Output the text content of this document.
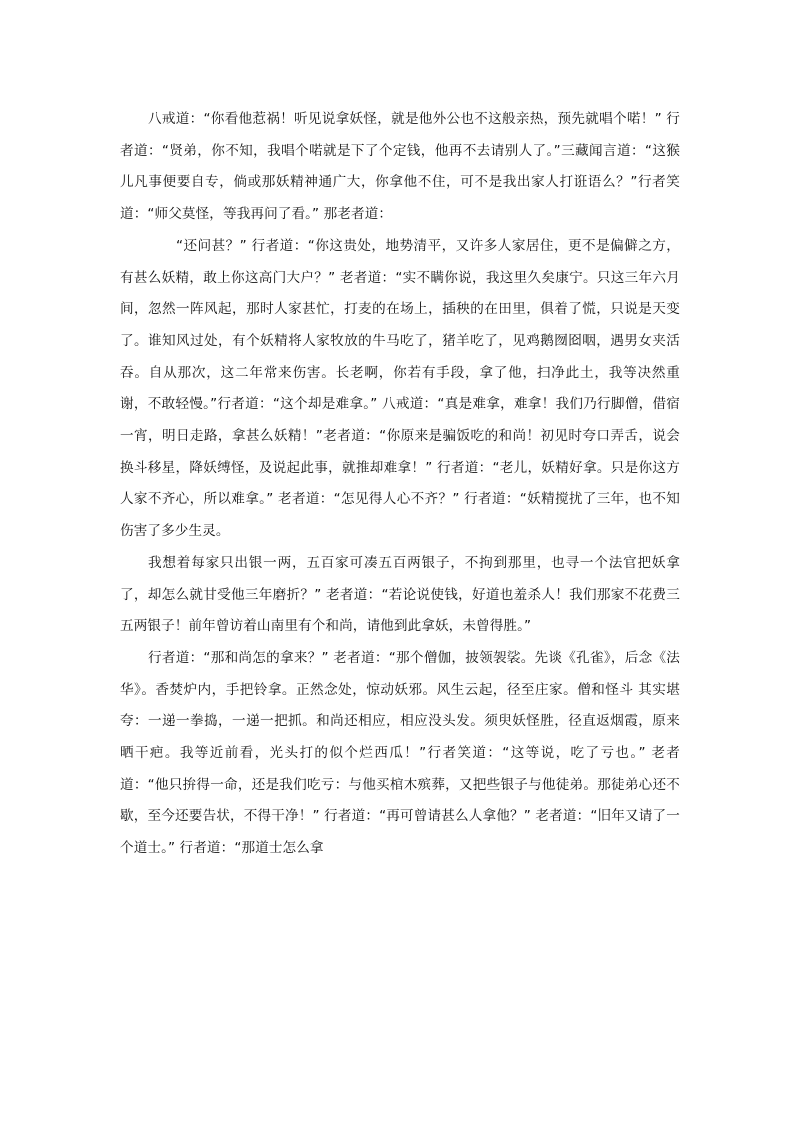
八戒道：“你看他惹祸！听见说拿妖怪，就是他外公也不这般亲热，预先就唱个喏！” 行者道：“贤弟，你不知，我唱个喏就是下了个定钱，他再不去请别人了。”三藏闻言道：“这猴儿凡事便要自专，倘或那妖精神通广大，你拿他不住，可不是我出家人打诳语么？”行者笑道：“师父莫怪，等我再问了看。” 那老者道：

“还问甚？” 行者道：“你这贵处，地势清平，又许多人家居住，更不是偏僻之方，有甚么妖精，敢上你这高门大户？” 老者道：“实不瞒你说，我这里久矣康宁。只这三年六月间，忽然一阵风起，那时人家甚忙，打麦的在场上，插秧的在田里，俱着了慌，只说是天变了。谁知风过处，有个妖精将人家牧放的牛马吃了，猪羊吃了，见鸡鹅囫囵咽，遇男女夹活吞。自从那次，这二年常来伤害。长老啊，你若有手段，拿了他，扫净此土，我等决然重谢，不敢轻慢。”行者道：“这个却是难拿。” 八戒道：“真是难拿，难拿！我们乃行脚僧，借宿一宵，明日走路，拿甚么妖精！”老者道：“你原来是骗饭吃的和尚！初见时夸口弄舌，说会换斗移星，降妖缚怪，及说起此事，就推却难拿！” 行者道：“老儿，妖精好拿。只是你这方人家不齐心，所以难拿。” 老者道：“怎见得人心不齐？” 行者道：“妖精搅扰了三年，也不知伤害了多少生灵。

我想着每家只出银一两，五百家可凑五百两银子，不拘到那里，也寻一个法官把妖拿了，却怎么就甘受他三年磨折？” 老者道：“若论说使钱，好道也羞杀人！我们那家不花费三五两银子！前年曾访着山南里有个和尚，请他到此拿妖，未曾得胜。”

行者道：“那和尚怎的拿来？” 老者道：“那个僧伽，披领袈裟。先谈《孔雀》，后念《法华》。香焚炉内，手把铃拿。正然念处，惊动妖邪。风生云起，径至庄家。僧和怪斗 其实堪夸：一递一拳捣，一递一把抓。和尚还相应，相应没头发。须臾妖怪胜，径直返烟霞，原来晒干疤。我等近前看，光头打的似个烂西瓜！”行者笑道：“这等说，吃了亏也。” 老者道：“他只拚得一命，还是我们吃亏：与他买棺木殡葬，又把些银子与他徒弟。那徒弟心还不歇，至今还要告状，不得干净！” 行者道：“再可曾请甚么人拿他？” 老者道：“旧年又请了一个道士。” 行者道：“那道士怎么拿
